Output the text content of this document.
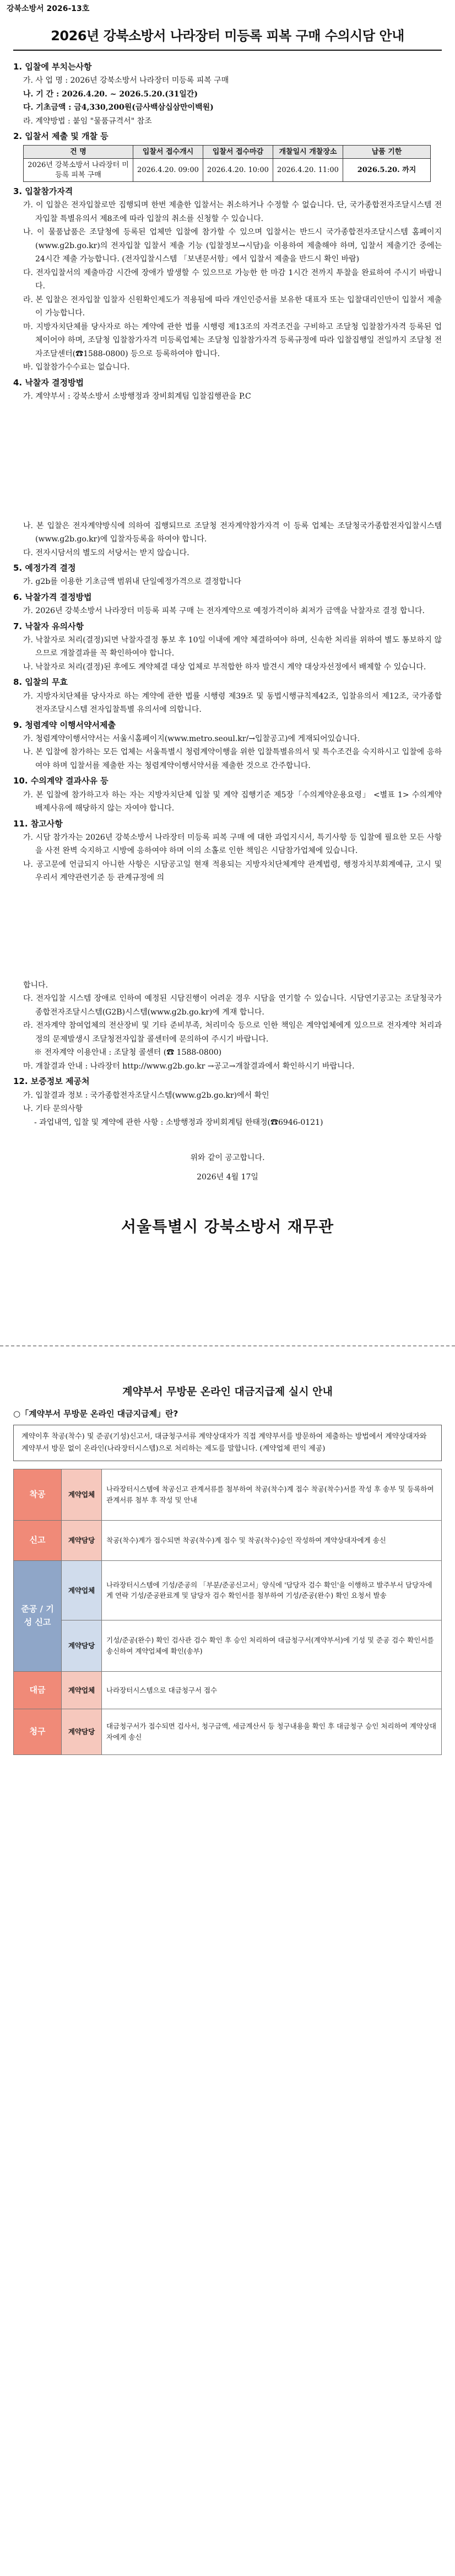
강북소방서 2026-13호
2026년 강북소방서 나라장터 미등록 피복 구매 수의시담 안내
1. 입찰에 부치는사항

가. 사 업 명 : 2026년 강북소방서 나라장터 미등록 피복 구매

나. 기 간 : 2026.4.20. ~ 2026.5.20.(31일간)

다. 기초금액 : 금4,330,200원(금사백삼십삼만이백원)

라. 계약방법 : 붙임 "물품규격서" 참조

2. 입찰서 제출 및 개찰 등
건 명	입찰서 접수개시	입찰서 접수마감	개찰일시 개찰장소	납품 기한
2026년 강북소방서 나라장터 미등록 피복 구매	2026.4.20. 09:00	2026.4.20. 10:00	2026.4.20. 11:00	2026.5.20. 까지
3. 입찰참가자격

가. 이 입찰은 전자입찰로만 집행되며 한번 제출한 입찰서는 취소하거나 수정할 수 없습니다. 단, 국가종합전자조달시스템 전자입찰 특별유의서 제8조에 따라 입찰의 취소를 신청할 수 있습니다.

나. 이 물품납품은 조달청에 등록된 업체만 입찰에 참가할 수 있으며 입찰서는 반드시 국가종합전자조달시스템 홈페이지(www.g2b.go.kr)의 전자입찰 입찰서 제출 기능 (입찰정보→시담)을 이용하여 제출해야 하며, 입찰서 제출기간 중에는 24시간 제출 가능합니다. (전자입찰시스템 「보낸문서함」에서 입찰서 제출을 반드시 확인 바람)

다. 전자입찰서의 제출마감 시간에 장애가 발생할 수 있으므로 가능한 한 마감 1시간 전까지 투찰을 완료하여 주시기 바랍니다.

라. 본 입찰은 전자입찰 입찰자 신원확인제도가 적용됨에 따라 개인인증서를 보유한 대표자 또는 입찰대리인만이 입찰서 제출이 가능합니다.

마. 지방자치단체를 당사자로 하는 계약에 관한 법률 시행령 제13조의 자격조건을 구비하고 조달청 입찰참가자격 등록된 업체이어야 하며, 조달청 입찰참가자격 미등록업체는 조달청 입찰참가자격 등록규정에 따라 입찰집행일 전일까지 조달청 전자조달센터(☎1588-0800) 등으로 등록하여야 합니다.

바. 입찰참가수수료는 없습니다.

4. 낙찰자 결정방법

가. 계약부서 : 강북소방서 소방행정과 장비회계팀 입찰집행관을 P.C

나. 본 입찰은 전자계약방식에 의하여 집행되므로 조달청 전자계약참가자격 이 등록 업체는 조달청국가종합전자입찰시스템(www.g2b.go.kr)에 입찰자등록을 하여야 합니다.

다. 전자시담서의 별도의 서당서는 받지 않습니다.

5. 예정가격 결정

가. g2b를 이용한 기초금액 범위내 단일예정가격으로 결정합니다

6. 낙찰가격 결정방법

가. 2026년 강북소방서 나라장터 미등록 피복 구매 는 전자계약으로 예정가격이하 최저가 금액을 낙찰자로 결정 합니다.

7. 낙찰자 유의사항

가. 낙찰자로 처리(결정)되면 낙찰자결정 통보 후 10일 이내에 계약 체결하여야 하며, 신속한 처리를 위하여 별도 통보하지 않으므로 개찰결과를 꼭 확인하여야 합니다.

나. 낙찰자로 처리(결정)된 후에도 계약체결 대상 업체로 부적합한 하자 발견시 계약 대상자선정에서 배제할 수 있습니다.

8. 입찰의 무효

가. 지방자치단체를 당사자로 하는 계약에 관한 법률 시행령 제39조 및 동법시행규칙제42조, 입찰유의서 제12조, 국가종합전자조달시스템 전자입찰특별 유의서에 의합니다.

9. 청렴계약 이행서약서제출

가. 청렴계약이행서약서는 서울시홈페이지(www.metro.seoul.kr/→입찰공고)에 게재되어있습니다.

나. 본 입찰에 참가하는 모든 업체는 서울특별시 청렴계약이행을 위한 입찰특별유의서 및 특수조건을 숙지하시고 입찰에 응하여야 하며 입찰서를 제출한 자는 청렴계약이행서약서를 제출한 것으로 간주합니다.

10. 수의계약 결과사유 등

가. 본 입찰에 참가하고자 하는 자는 지방자치단체 입찰 및 계약 집행기준 제5장「수의계약운용요령」 <별표 1> 수의계약 배제사유에 해당하지 않는 자여야 합니다.

11. 참고사항

가. 시담 참가자는 2026년 강북소방서 나라장터 미등록 피복 구매 에 대한 과업지시서, 특기사항 등 입찰에 필요한 모든 사항을 사전 완벽 숙지하고 시방에 응하여야 하며 이의 소홀로 인한 책임은 시담참가업체에 있습니다.

나. 공고문에 언급되지 아니한 사항은 시담공고일 현재 적용되는 지방자치단체계약 관계법령, 행정자치부회계예규, 고시 및 우리서 계약관련기준 등 관계규정에 의

합니다.

다. 전자입찰 시스템 장애로 인하여 예정된 시담진행이 어려운 경우 시담을 연기할 수 있습니다. 시담연기공고는 조달청국가종합전자조달시스템(G2B)시스템(www.g2b.go.kr)에 게재 합니다.

라. 전자계약 참여업체의 전산장비 및 기타 준비부족, 처리미숙 등으로 인한 책임은 계약업체에게 있으므로 전자계약 처리과정의 문제발생시 조달청전자입찰 콜센터에 문의하여 주시기 바랍니다.

※ 전자계약 이용안내 : 조달청 콜센터 (☎ 1588-0800)

마. 개찰결과 안내 : 나라장터 http://www.g2b.go.kr →공고→개찰결과에서 확인하시기 바랍니다.

12. 보증정보 제공처

가. 입찰결과 정보 : 국가종합전자조달시스템(www.g2b.go.kr)에서 확인

나. 기타 문의사항

- 과업내역, 입찰 및 계약에 관한 사항 : 소방행정과 장비회계팀 한태정(☎6946-0121)

위와 같이 공고합니다.

2026년 4월 17일

서울특별시 강북소방서 재무관
계약부서 무방문 온라인 대금지급제 실시 안내
○「계약부서 무방문 온라인 대금지급제」란?
계약이후 착공(착수) 및 준공(기성)신고서, 대금청구서류 계약상대자가 직접 계약부서를 방문하여 제출하는 방법에서 계약상대자와 계약부서 방문 없이 온라인(나라장터시스템)으로 처리하는 제도를 말합니다. (계약업체 편익 제공)
착공	계약업체	나라장터시스템에 착공신고 관계서류를 첨부하여 착공(착수)계 접수 착공(착수)서를 작성 후 송부 및 등록하여 관계서류 첨부 후 작성 및 안내
신고	계약담당	착공(착수)계가 접수되면 착공(착수)계 접수 및 착공(착수)승인 작성하여 계약상대자에게 송신
준공 / 기성 신고	계약업체	나라장터시스템에 기성/준공의 「부분/준공신고서」양식에 '담당자 검수 확인'을 이행하고 발주부서 담당자에게 연락 기성/준공완료계 및 담당자 검수 확인서를 첨부하여 기성/준공(완수) 확인 요청서 발송
	계약담당	기성/준공(완수) 확인 검사관 검수 확인 후 승인 처리하여 대금청구서(계약부서)에 기성 및 준공 검수 확인서를 송신하여 계약업체에 확인(송부)
대금	계약업체	나라장터시스템으로 대금청구서 접수
청구	계약담당	대금청구서가 접수되면 검사서, 청구금액, 세금계산서 등 청구내용을 확인 후 대금청구 승인 처리하여 계약상대자에게 송신
